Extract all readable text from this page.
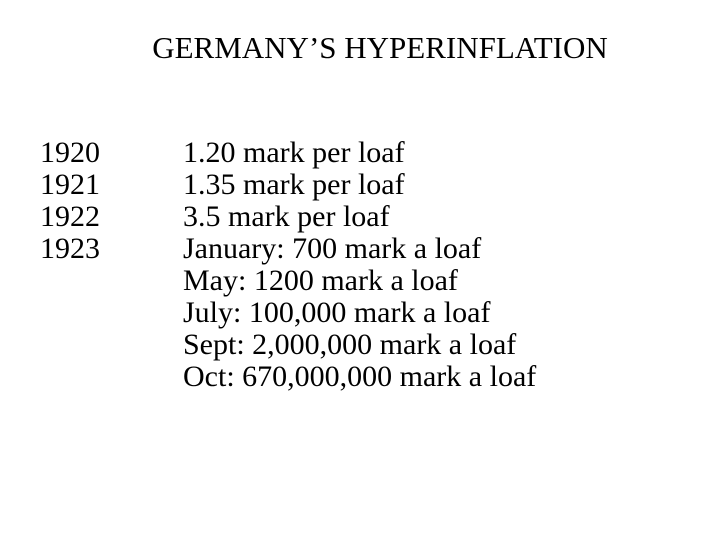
GERMANY’S HYPERINFLATION
1920
1921
1922
1923
1.20 mark per loaf
1.35 mark per loaf
3.5 mark per loaf
January: 700 mark a loaf
May: 1200 mark a loaf
July: 100,000 mark a loaf
Sept: 2,000,000 mark a loaf
Oct: 670,000,000 mark a loaf
